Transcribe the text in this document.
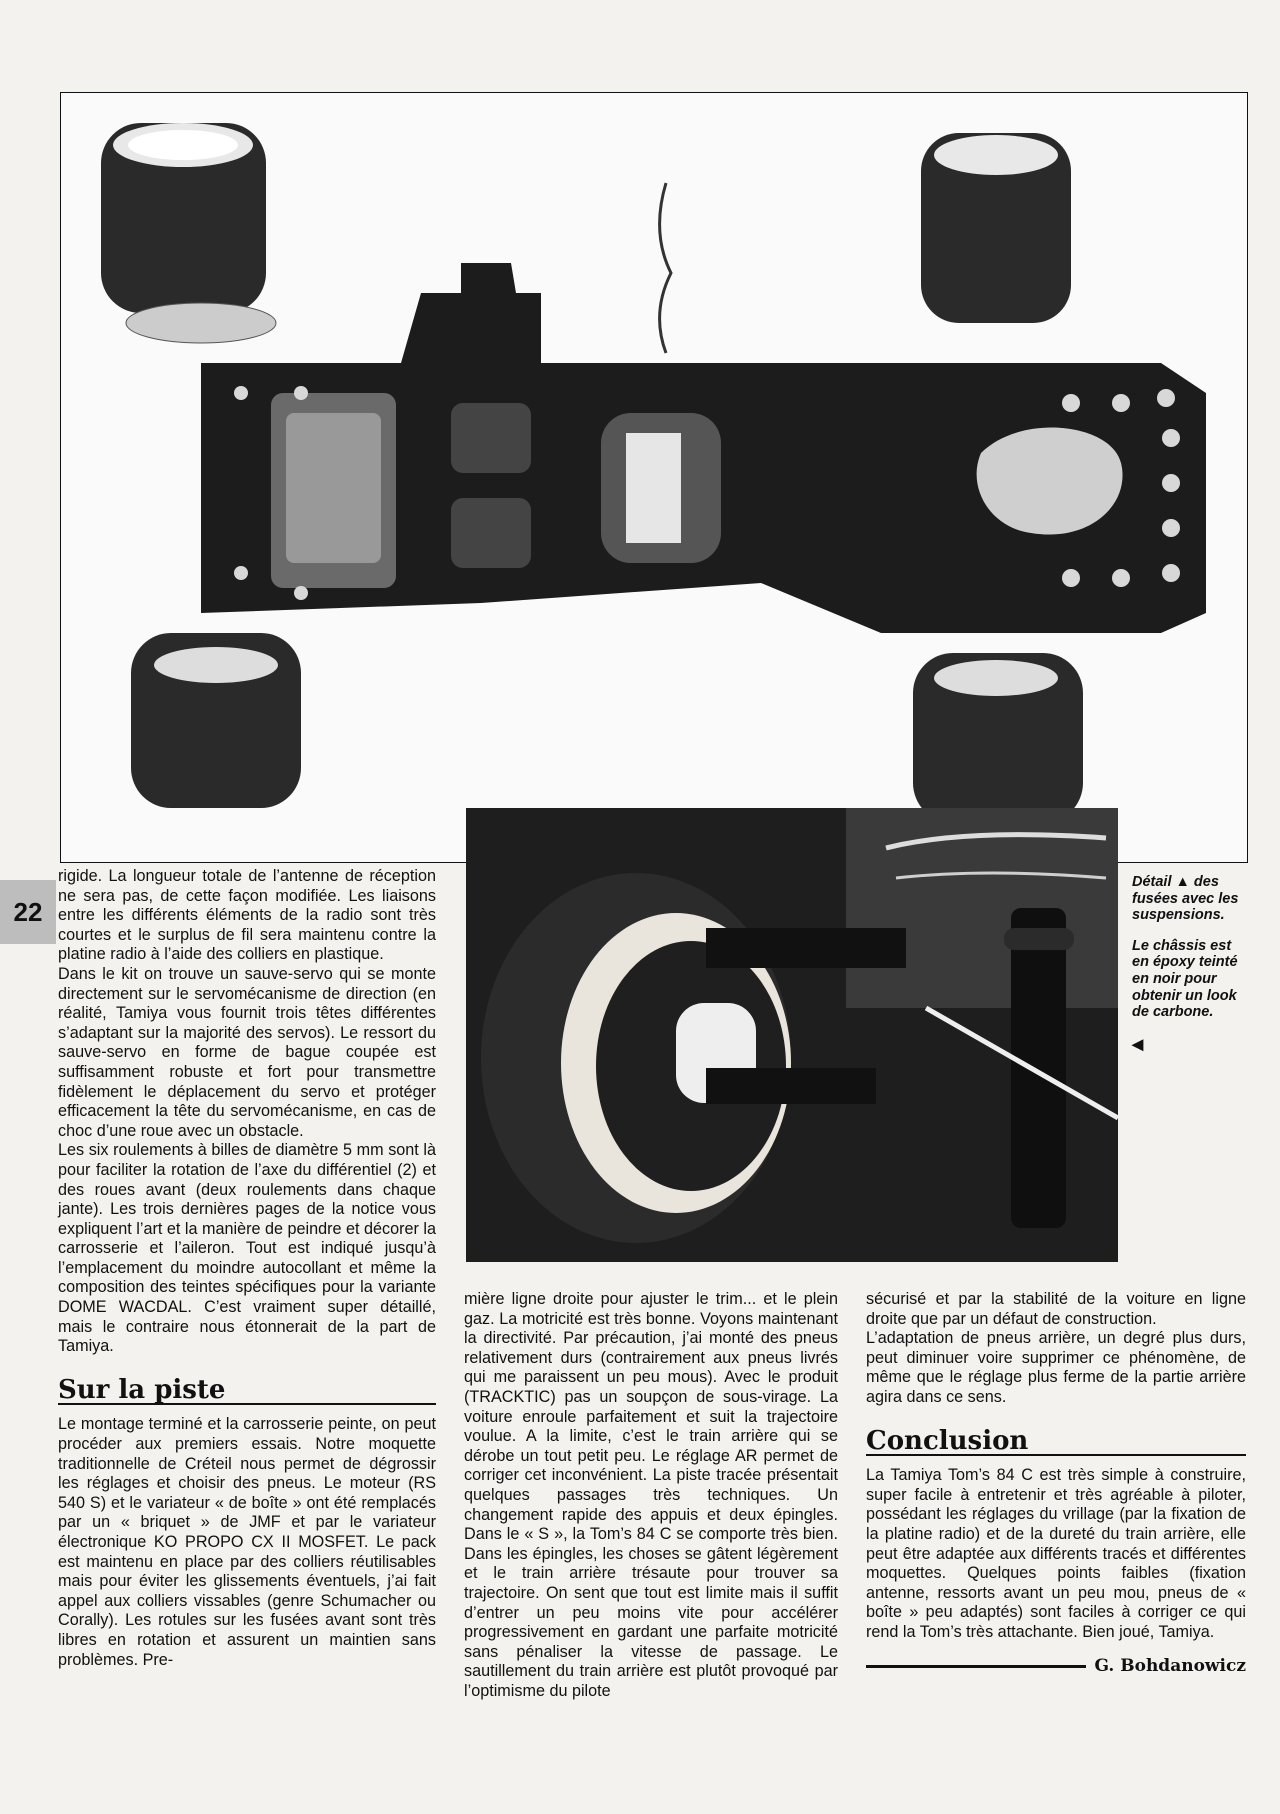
22

Détail ▲ des fusées avec les suspensions.

Le châssis est en époxy teinté en noir pour obtenir un look de carbone.

◀

rigide. La longueur totale de l’antenne de réception ne sera pas, de cette façon modifiée. Les liaisons entre les différents éléments de la radio sont très courtes et le surplus de fil sera maintenu contre la platine radio à l’aide des colliers en plastique.

Dans le kit on trouve un sauve-servo qui se monte directement sur le servomécanisme de direction (en réalité, Tamiya vous fournit trois têtes différentes s’adaptant sur la majorité des servos). Le ressort du sauve-servo en forme de bague coupée est suffisamment robuste et fort pour transmettre fidèlement le déplacement du servo et protéger efficacement la tête du servomécanisme, en cas de choc d’une roue avec un obstacle.

Les six roulements à billes de diamètre 5 mm sont là pour faciliter la rotation de l’axe du différentiel (2) et des roues avant (deux roulements dans chaque jante). Les trois dernières pages de la notice vous expliquent l’art et la manière de peindre et décorer la carrosserie et l’aileron. Tout est indiqué jusqu’à l’emplacement du moindre autocollant et même la composition des teintes spécifiques pour la variante DOME WACDAL. C’est vraiment super détaillé, mais le contraire nous étonnerait de la part de Tamiya.

Sur la piste

Le montage terminé et la carrosserie peinte, on peut procéder aux premiers essais. Notre moquette traditionnelle de Créteil nous permet de dégrossir les réglages et choisir des pneus. Le moteur (RS 540 S) et le variateur « de boîte » ont été remplacés par un « briquet » de JMF et par le variateur électronique KO PROPO CX II MOSFET. Le pack est maintenu en place par des colliers réutilisables mais pour éviter les glissements éventuels, j’ai fait appel aux colliers vissables (genre Schumacher ou Corally). Les rotules sur les fusées avant sont très libres en rotation et assurent un maintien sans problèmes. Pre-

mière ligne droite pour ajuster le trim... et le plein gaz. La motricité est très bonne. Voyons maintenant la directivité. Par précaution, j’ai monté des pneus relativement durs (contrairement aux pneus livrés qui me paraissent un peu mous). Avec le produit (TRACKTIC) pas un soupçon de sous-virage. La voiture enroule parfaitement et suit la trajectoire voulue. A la limite, c’est le train arrière qui se dérobe un tout petit peu. Le réglage AR permet de corriger cet inconvénient. La piste tracée présentait quelques passages très techniques. Un changement rapide des appuis et deux épingles. Dans le « S », la Tom’s 84 C se comporte très bien. Dans les épingles, les choses se gâtent légèrement et le train arrière trésaute pour trouver sa trajectoire. On sent que tout est limite mais il suffit d’entrer un peu moins vite pour accélérer progressivement en gardant une parfaite motricité sans pénaliser la vitesse de passage. Le sautillement du train arrière est plutôt provoqué par l’optimisme du pilote

sécurisé et par la stabilité de la voiture en ligne droite que par un défaut de construction.

L’adaptation de pneus arrière, un degré plus durs, peut diminuer voire supprimer ce phénomène, de même que le réglage plus ferme de la partie arrière agira dans ce sens.

Conclusion

La Tamiya Tom’s 84 C est très simple à construire, super facile à entretenir et très agréable à piloter, possédant les réglages du vrillage (par la fixation de la platine radio) et de la dureté du train arrière, elle peut être adaptée aux différents tracés et différentes moquettes. Quelques points faibles (fixation antenne, ressorts avant un peu mou, pneus de « boîte » peu adaptés) sont faciles à corriger ce qui rend la Tom’s très attachante. Bien joué, Tamiya.

G. Bohdanowicz
